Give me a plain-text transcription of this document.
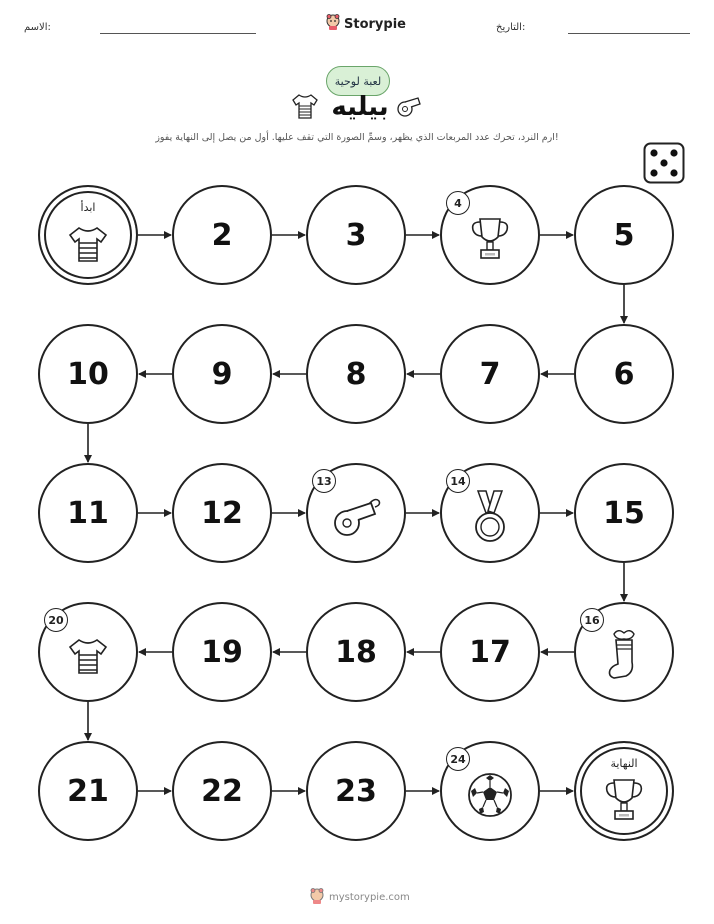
الاسم:	Storypie	التاريخ:
لعبة لوحية
بيليه
ارم النرد، تحرك عدد المربعات الذي يظهر، وسمِّ الصورة التي تقف عليها. أول من يصل إلى النهاية يفوز!
ابدأ
2	3
4
5
6
7
8
9
10
11	12
13	14
15
16
17
18
19
20
21	22	23
24	النهاية
mystorypie.com
